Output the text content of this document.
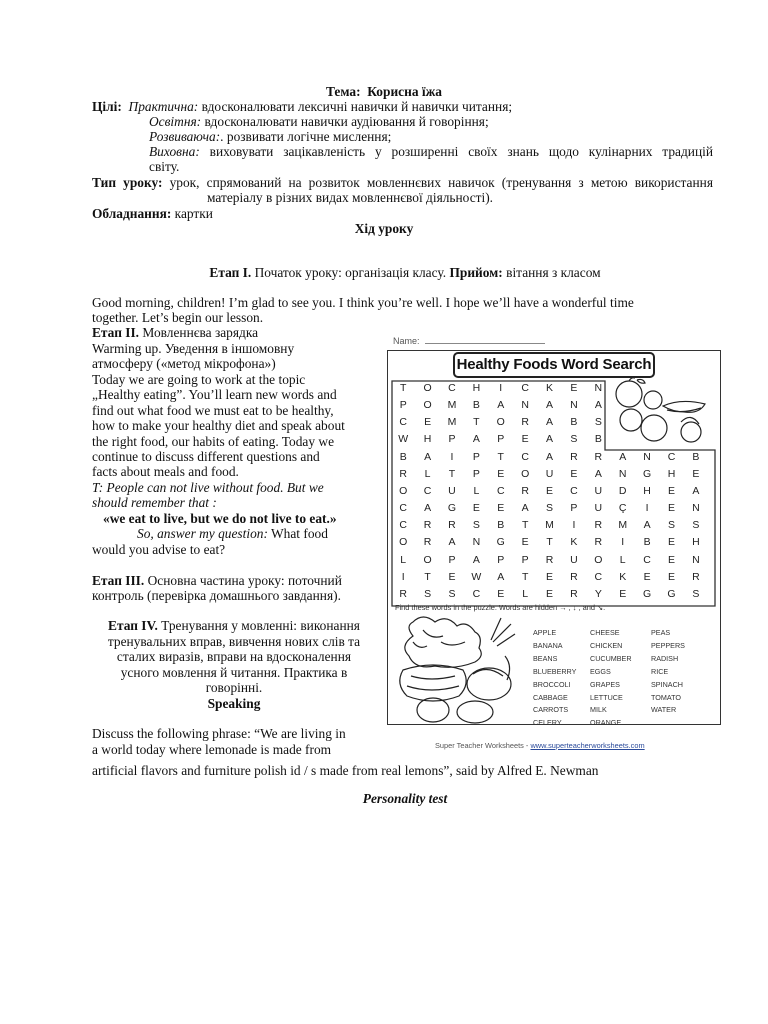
Тема: Корисна їжа
Цілі: Практична: вдосконалювати лексичні навички й навички читання;
Освітня: вдосконалювати навички аудіювання й говоріння;
Розвиваюча:. розвивати логічне мислення;
Виховна: виховувати зацікавленість у розширенні своїх знань щодо кулінарних традицій
світу.
Тип уроку: урок, спрямований на розвиток мовленнєвих навичок (тренування з метою використання
матеріалу в різних видах мовленнєвої діяльності).
Обладнання: картки
Хід уроку
Етап І. Початок уроку: організація класу. Прийом: вітання з класом
Good morning, children! I’m glad to see you. I think you’re well. I hope we’ll have a wonderful time
together. Let’s begin our lesson.
Етап ІІ. Мовленнєва зарядка
Warming up. Уведення в іншомовну
атмосферу («метод мікрофона»)
Today we are going to work at the topic
„Healthy eating”. You’ll learn new words and
find out what food we must eat to be healthy,
how to make your healthy diet and speak about
the right food, our habits of eating. Today we
continue to discuss different questions and
facts about meals and food.
T: People can not live without food. But we
should remember that :
«we eat to live, but we do not live to eat.»
So, answer my question: What food
would you advise to eat?
Етап ІІІ. Основна частина уроку: поточний
контроль (перевірка домашнього завдання).
Етап IV. Тренування у мовленні: виконання
тренувальних вправ, вивчення нових слів та
сталих виразів, вправи на вдосконалення
усного мовлення й читання. Практика в
говорінні.
Speaking
Discuss the following phrase: “We are living in
a world today where lemonade is made from
artificial flavors and furniture polish id / s made from real lemons”, said by Alfred E. Newman
Personality test
Name:
Healthy Foods Word Search
T	O	C	H	I	C	K	E	N				
P	O	M	B	A	N	A	N	A				
C	E	M	T	O	R	A	B	S				
W	H	P	A	P	E	A	S	B				
B	A	I	P	T	C	A	R	R	A	N	C	B
R	L	T	P	E	O	U	E	A	N	G	H	E
O	C	U	L	C	R	E	C	U	D	H	E	A
C	A	G	E	E	A	S	P	U	Ç	I	E	N
C	R	R	S	B	T	M	I	R	M	A	S	S
O	R	A	N	G	E	T	K	R	I	B	E	H
L	O	P	A	P	P	R	U	O	L	C	E	N
I	T	E	W	A	T	E	R	C	K	E	E	R
R	S	S	C	E	L	E	R	Y	E	G	G	S
Find these words in the puzzle. Words are hidden → , ↓ , and ↘.
APPLE
BANANA
BEANS
BLUEBERRY
BROCCOLI
CABBAGE
CARROTS
CELERY
CHEESE
CHICKEN
CUCUMBER
EGGS
GRAPES
LETTUCE
MILK
ORANGE
PEAS
PEPPERS
RADISH
RICE
SPINACH
TOMATO
WATER
Super Teacher Worksheets - www.superteacherworksheets.com
